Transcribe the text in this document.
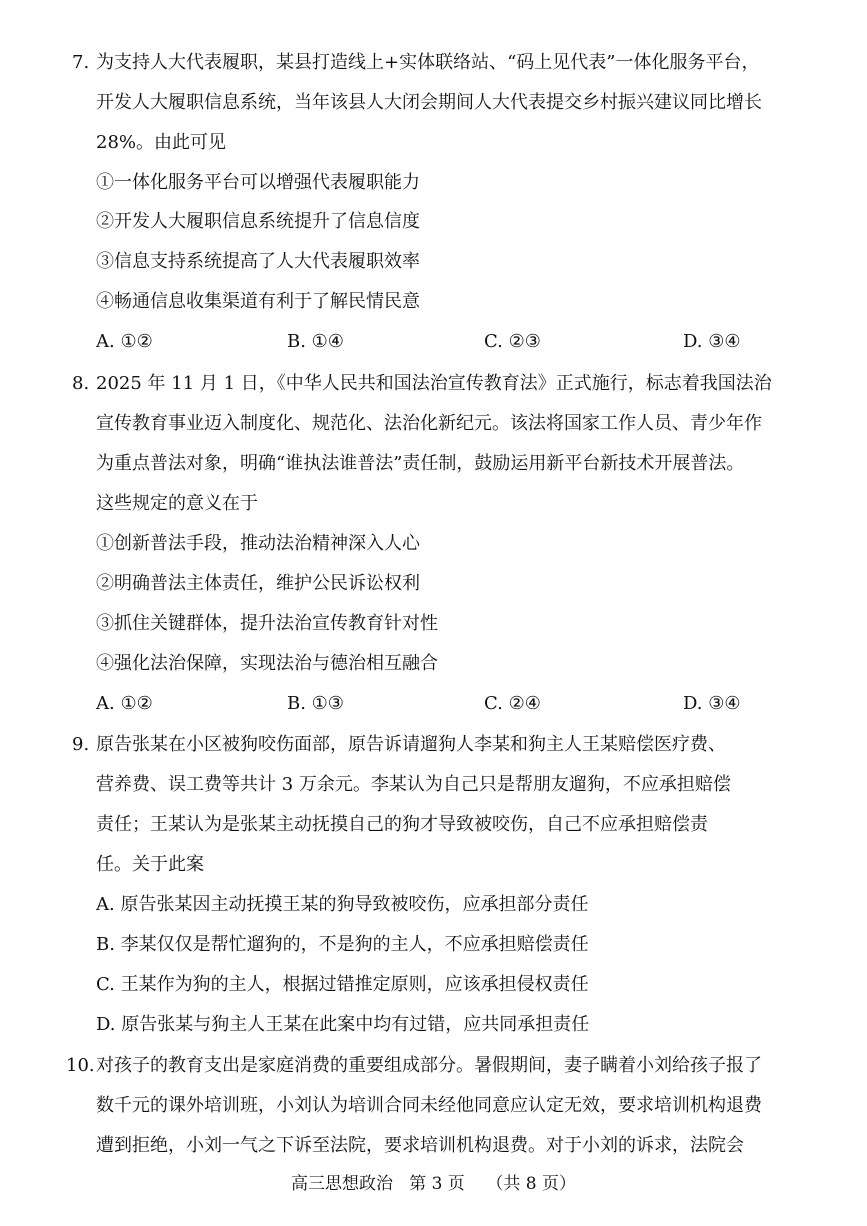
7. 为支持人大代表履职，某县打造线上+实体联络站、“码上见代表”一体化服务平台，
开发人大履职信息系统，当年该县人大闭会期间人大代表提交乡村振兴建议同比增长
28%。由此可见
①一体化服务平台可以增强代表履职能力
②开发人大履职信息系统提升了信息信度
③信息支持系统提高了人大代表履职效率
④畅通信息收集渠道有利于了解民情民意
A. ①②	B. ①④	C. ②③	D. ③④
8. 2025 年 11 月 1 日，《中华人民共和国法治宣传教育法》正式施行，标志着我国法治
宣传教育事业迈入制度化、规范化、法治化新纪元。该法将国家工作人员、青少年作
为重点普法对象，明确“谁执法谁普法”责任制，鼓励运用新平台新技术开展普法。
这些规定的意义在于
①创新普法手段，推动法治精神深入人心
②明确普法主体责任，维护公民诉讼权利
③抓住关键群体，提升法治宣传教育针对性
④强化法治保障，实现法治与德治相互融合
A. ①②	B. ①③	C. ②④	D. ③④
9. 原告张某在小区被狗咬伤面部，原告诉请遛狗人李某和狗主人王某赔偿医疗费、
营养费、误工费等共计 3 万余元。李某认为自己只是帮朋友遛狗，不应承担赔偿
责任；王某认为是张某主动抚摸自己的狗才导致被咬伤，自己不应承担赔偿责
任。关于此案
A. 原告张某因主动抚摸王某的狗导致被咬伤，应承担部分责任
B. 李某仅仅是帮忙遛狗的，不是狗的主人，不应承担赔偿责任
C. 王某作为狗的主人，根据过错推定原则，应该承担侵权责任
D. 原告张某与狗主人王某在此案中均有过错，应共同承担责任
10. 对孩子的教育支出是家庭消费的重要组成部分。暑假期间，妻子瞒着小刘给孩子报了
数千元的课外培训班，小刘认为培训合同未经他同意应认定无效，要求培训机构退费
遭到拒绝，小刘一气之下诉至法院，要求培训机构退费。对于小刘的诉求，法院会
高三思想政治   第 3 页    （共 8 页）
